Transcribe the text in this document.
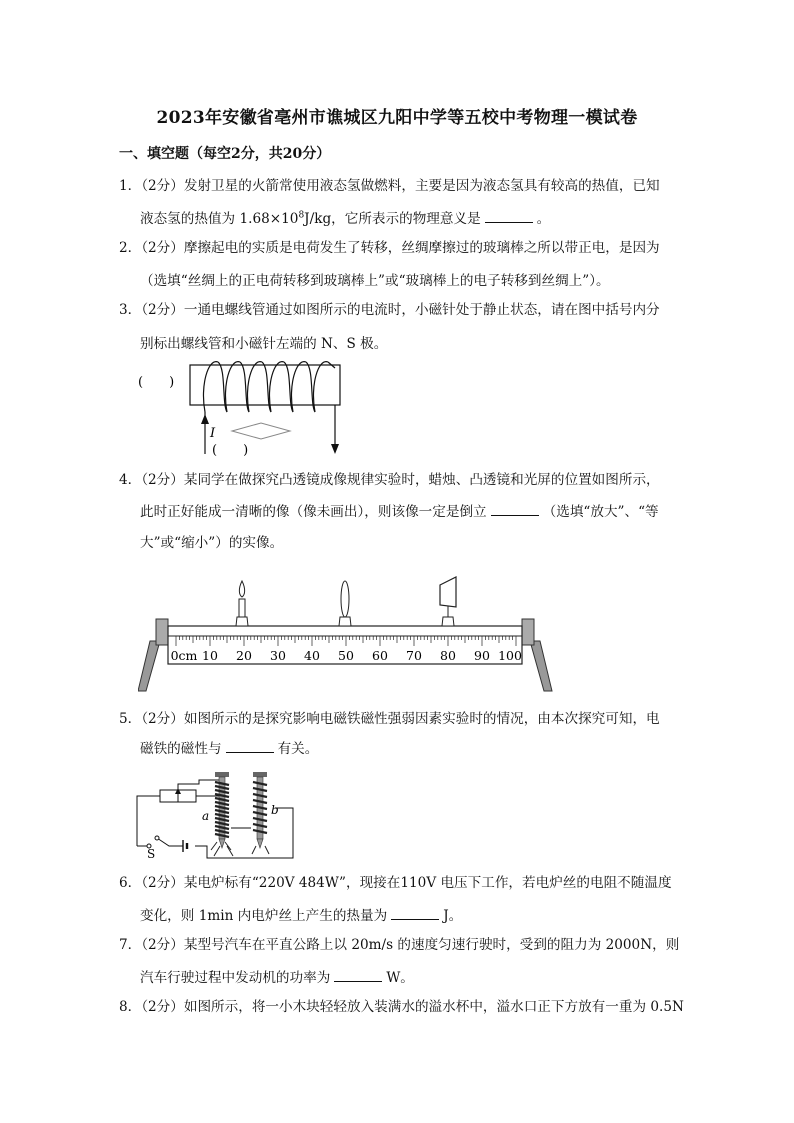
2023年安徽省亳州市谯城区九阳中学等五校中考物理一模试卷
一、填空题（每空2分，共20分）
1．（2分）发射卫星的火箭常使用液态氢做燃料，主要是因为液态氢具有较高的热值，已知
液态氢的热值为 $1.68\times 10^8J/kg$，它所表示的物理意义是	。
2．（2分）摩擦起电的实质是电荷发生了转移，丝绸摩擦过的玻璃棒之所以带正电，是因为
（选填“丝绸上的正电荷转移到玻璃棒上”或“玻璃棒上的电子转移到丝绸上”）。
3．（2分）一通电螺线管通过如图所示的电流时，小磁针处于静止状态，请在图中括号内分
别标出螺线管和小磁针左端的 N、S 极。
(　　)
I
(　　)
4．（2分）某同学在做探究凸透镜成像规律实验时，蜡烛、凸透镜和光屏的位置如图所示，
此时正好能成一清晰的像（像未画出），则该像一定是倒立	（选填“放大”、“等
大”或“缩小”）的实像。
0cm 10 20 30 40 50 60 70 80 90 100
5．（2分）如图所示的是探究影响电磁铁磁性强弱因素实验时的情况，由本次探究可知，电
磁铁的磁性与	有关。
S
a	b
6．（2分）某电炉标有“220V 484W”，现接在110V 电压下工作，若电炉丝的电阻不随温度
变化，则 1min 内电炉丝上产生的热量为	J。
7．（2分）某型号汽车在平直公路上以 20m/s 的速度匀速行驶时，受到的阻力为 2000N，则
汽车行驶过程中发动机的功率为	W。
8．（2分）如图所示，将一小木块轻轻放入装满水的溢水杯中，溢水口正下方放有一重为 0.5N
